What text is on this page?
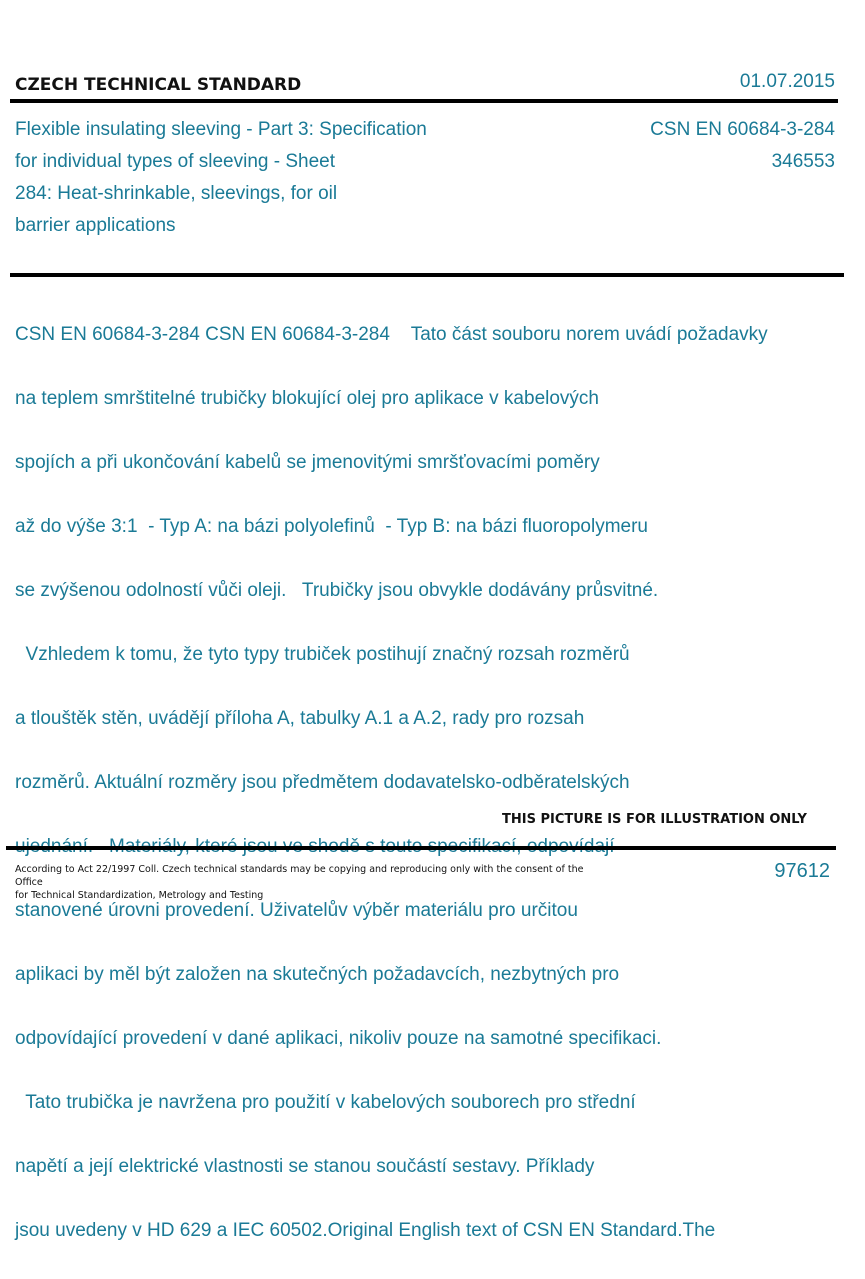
CZECH TECHNICAL STANDARD	01.07.2015
Flexible insulating sleeving - Part 3: Specification
for individual types of sleeving - Sheet
284: Heat-shrinkable, sleevings, for oil
barrier applications
CSN EN 60684-3-284
346553

CSN EN 60684-3-284 CSN EN 60684-3-284    Tato část souboru norem uvádí požadavky

na teplem smrštitelné trubičky blokující olej pro aplikace v kabelových

spojích a při ukončování kabelů se jmenovitými smršťovacími poměry

až do výše 3:1  - Typ A: na bázi polyolefinů  - Typ B: na bázi fluoropolymeru

se zvýšenou odolností vůči oleji.   Trubičky jsou obvykle dodávány průsvitné.

Vzhledem k tomu, že tyto typy trubiček postihují značný rozsah rozměrů

a tlouštěk stěn, uvádějí příloha A, tabulky A.1 a A.2, rady pro rozsah

rozměrů. Aktuální rozměry jsou předmětem dodavatelsko-odběratelských

stanovené úrovni provedení. Uživatelův výběr materiálu pro určitou

aplikaci by měl být založen na skutečných požadavcích, nezbytných pro

odpovídající provedení v dané aplikaci, nikoliv pouze na samotné specifikaci.

Tato trubička je navržena pro použití v kabelových souborech pro střední

napětí a její elektrické vlastnosti se stanou součástí sestavy. Příklady

jsou uvedeny v HD 629 a IEC 60502.Original English text of CSN EN Standard.The

THIS PICTURE IS FOR ILLUSTRATION ONLY
According to Act 22/1997 Coll. Czech technical standards may be copying and reproducing only with the consent of the Office
for Technical Standardization, Metrology and Testing
97612
